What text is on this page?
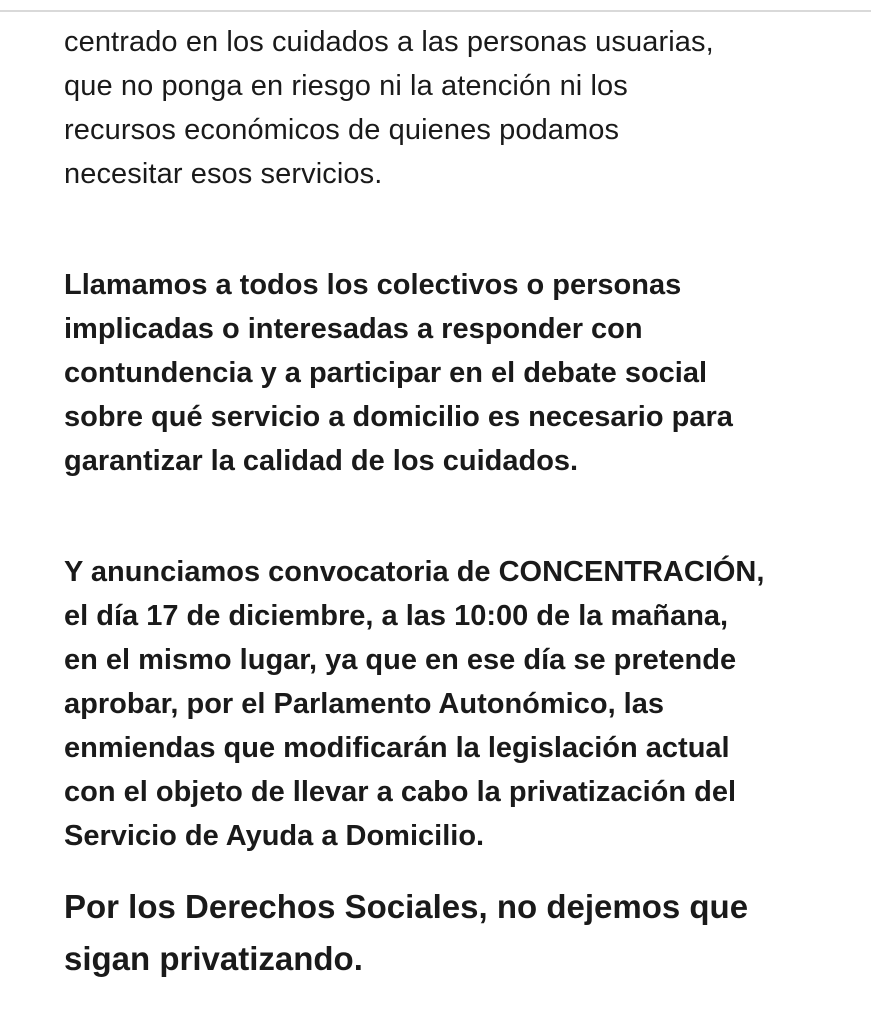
centrado en los cuidados a las personas usuarias,

que no ponga en riesgo ni la atención ni los

recursos económicos de quienes podamos

necesitar esos servicios.

Llamamos a todos los colectivos o personas

implicadas o interesadas a responder con

contundencia y a participar en el debate social

sobre qué servicio a domicilio es necesario para

garantizar la calidad de los cuidados.

Y anunciamos convocatoria de CONCENTRACIÓN,

el día 17 de diciembre, a las 10:00 de la mañana,

en el mismo lugar, ya que en ese día se pretende

aprobar, por el Parlamento Autonómico, las

enmiendas que modificarán la legislación actual

con el objeto de llevar a cabo la privatización del

Servicio de Ayuda a Domicilio.

Por los Derechos Sociales, no dejemos que

sigan privatizando.
